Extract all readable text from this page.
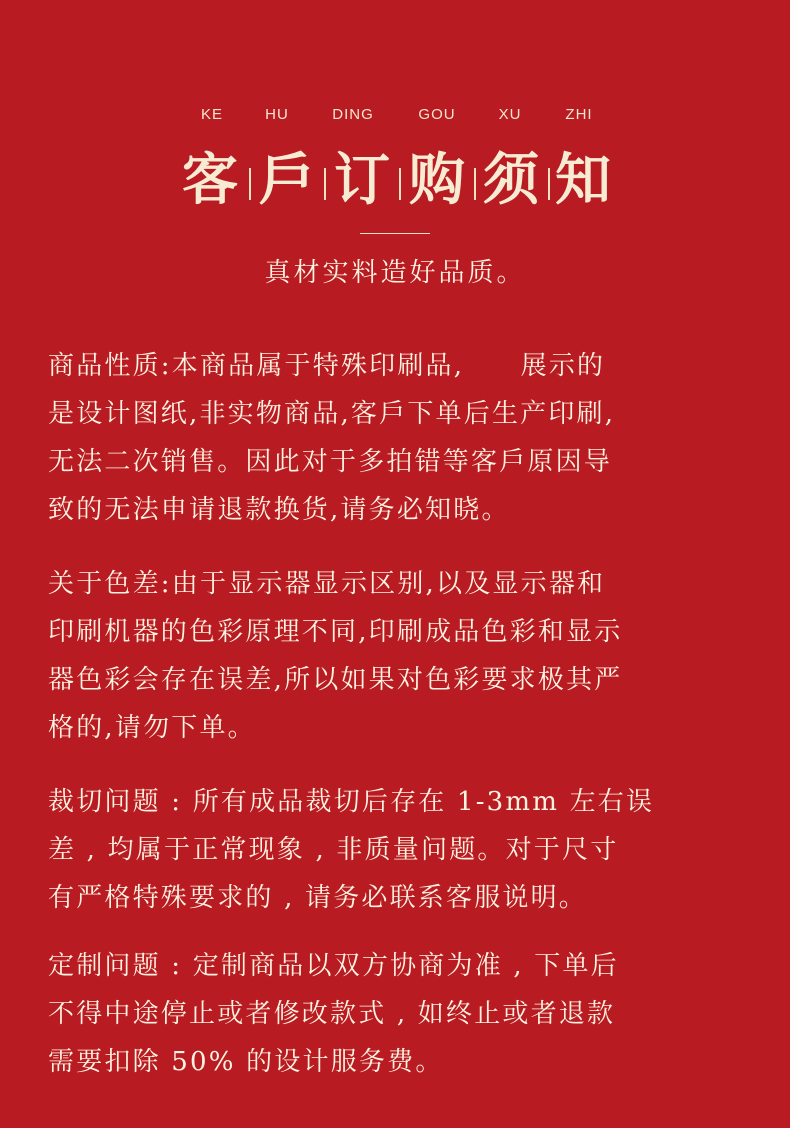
KE	HU	DING	GOU	XU	ZHI
客 戶 订 购 须 知
真材实料造好品质。
商品性质:本商品属于特殊印刷品,　　展示的
是设计图纸,非实物商品,客戶下单后生产印刷,
无法二次销售。因此对于多拍错等客戶原因导
致的无法申请退款换货,请务必知晓。
关于色差:由于显示器显示区别,以及显示器和
印刷机器的色彩原理不同,印刷成品色彩和显示
器色彩会存在误差,所以如果对色彩要求极其严
格的,请勿下单。
裁切问题 : 所有成品裁切后存在 1-3mm 左右误
差 , 均属于正常现象 , 非质量问题。对于尺寸
有严格特殊要求的 , 请务必联系客服说明。
定制问题 : 定制商品以双方协商为准 , 下单后
不得中途停止或者修改款式 , 如终止或者退款
需要扣除 50% 的设计服务费。
